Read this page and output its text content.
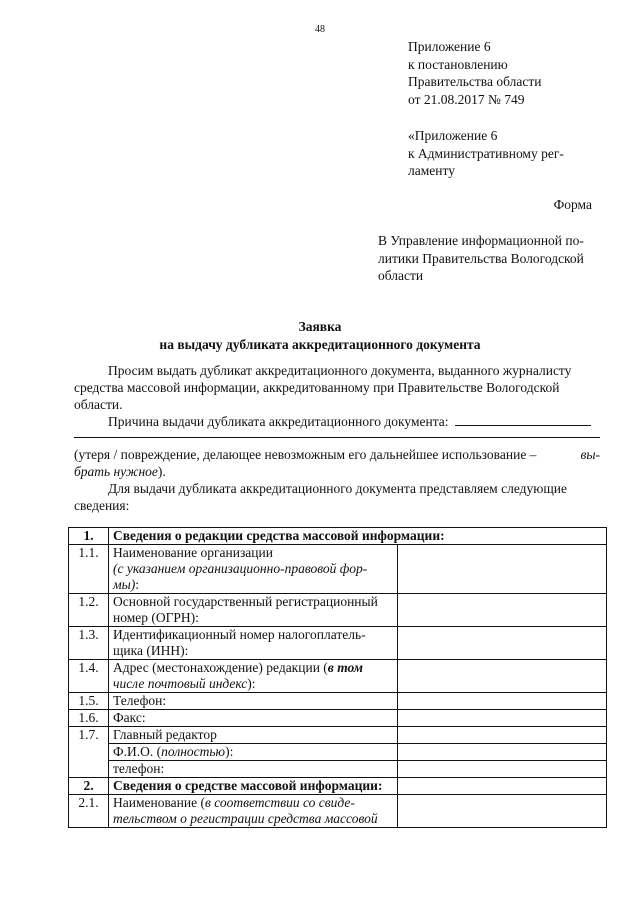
48
Приложение 6
к постановлению
Правительства области
от 21.08.2017 № 749
«Приложение 6
к Административному рег-
ламенту
Форма
В Управление информационной по-
литики Правительства Вологодской
области
Заявка
на выдачу дубликата аккредитационного документа
Просим выдать дубликат аккредитационного документа, выданного журналисту
средства массовой информации, аккредитованному при Правительстве Вологодской
области.
Причина выдачи дубликата аккредитационного документа:
(утеря / повреждение, делающее невозможным его дальнейшее использование –	вы-
брать нужное ).
Для выдачи дубликата аккредитационного документа представляем следующие
сведения:
1.	Сведения о редакции средства массовой информации:	
1.1.	Наименование организации
(с указанием организационно-правовой фор-
мы):	

1.2.	Основной государственный регистрационный
номер (ОГРН):	

1.3.	Идентификационный номер налогоплатель-
щика (ИНН):	

1.4.	Адрес (местонахождение) редакции (в том
числе почтовый индекс):	

1.5.	Телефон:	
1.6.	Факс:	
1.7.	Главный редактор	
	Ф.И.О. (полностью):	
	телефон:	
2.	Сведения о средстве массовой информации:	
2.1.	Наименование (в соответствии со свиде-
тельством о регистрации средства массовой	
